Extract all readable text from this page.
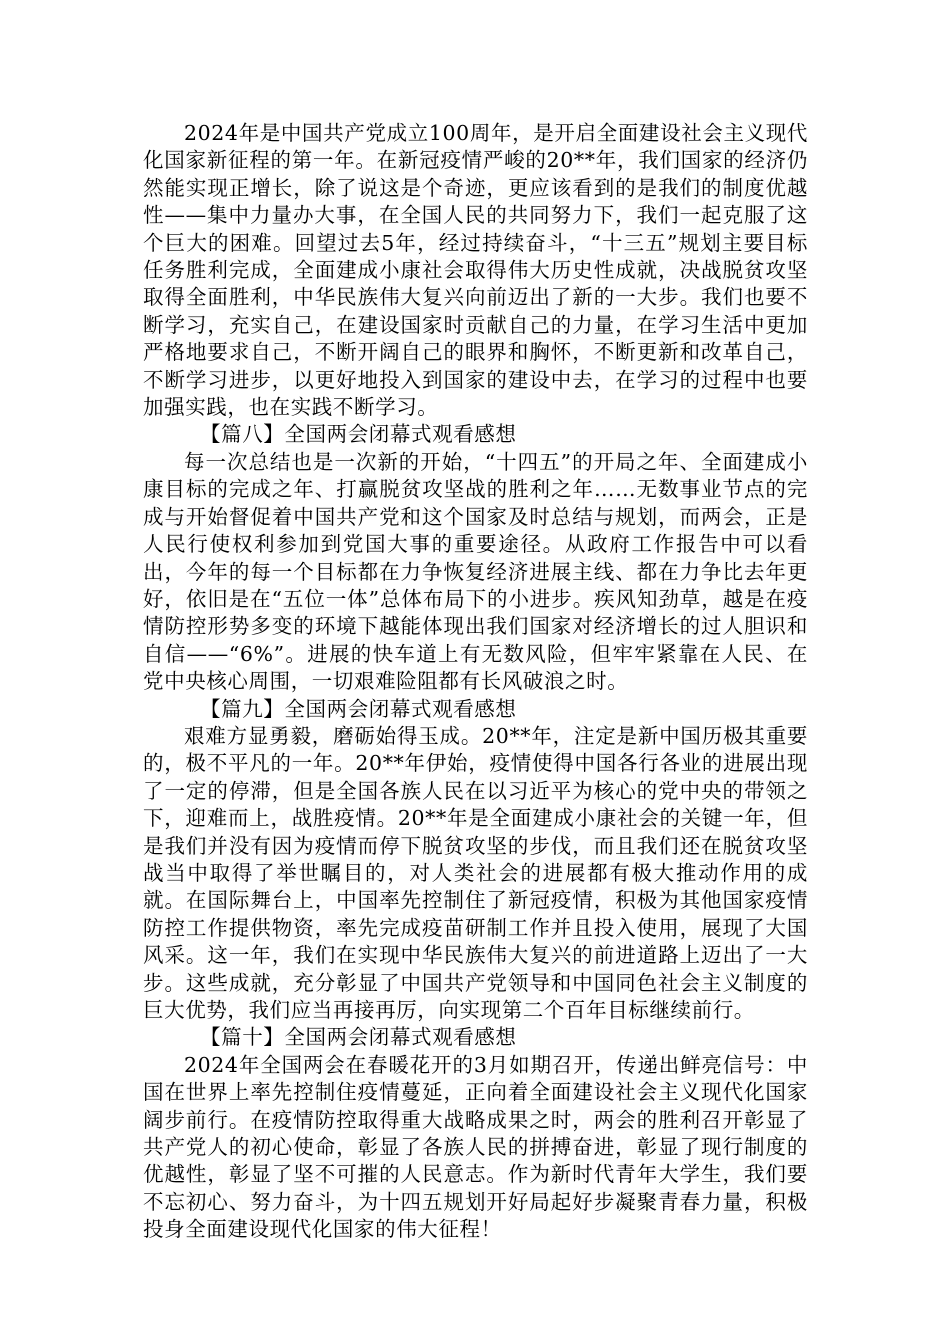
2024年是中国共产党成立100周年，是开启全面建设社会主义现代化国家新征程的第一年。在新冠疫情严峻的20**年，我们国家的经济仍然能实现正增长，除了说这是个奇迹，更应该看到的是我们的制度优越性——集中力量办大事，在全国人民的共同努力下，我们一起克服了这个巨大的困难。回望过去5年，经过持续奋斗，“十三五”规划主要目标任务胜利完成，全面建成小康社会取得伟大历史性成就，决战脱贫攻坚取得全面胜利，中华民族伟大复兴向前迈出了新的一大步。我们也要不断学习，充实自己，在建设国家时贡献自己的力量，在学习生活中更加严格地要求自己，不断开阔自己的眼界和胸怀，不断更新和改革自己，不断学习进步，以更好地投入到国家的建设中去，在学习的过程中也要加强实践，也在实践不断学习。

【篇八】全国两会闭幕式观看感想

每一次总结也是一次新的开始，“十四五”的开局之年、全面建成小康目标的完成之年、打赢脱贫攻坚战的胜利之年……无数事业节点的完成与开始督促着中国共产党和这个国家及时总结与规划，而两会，正是人民行使权利参加到党国大事的重要途径。从政府工作报告中可以看出，今年的每一个目标都在力争恢复经济进展主线、都在力争比去年更好，依旧是在“五位一体”总体布局下的小进步。疾风知劲草，越是在疫情防控形势多变的环境下越能体现出我们国家对经济增长的过人胆识和自信——“6%”。进展的快车道上有无数风险，但牢牢紧靠在人民、在党中央核心周围，一切艰难险阻都有长风破浪之时。

【篇九】全国两会闭幕式观看感想

艰难方显勇毅，磨砺始得玉成。20**年，注定是新中国历极其重要的，极不平凡的一年。20**年伊始，疫情使得中国各行各业的进展出现了一定的停滞，但是全国各族人民在以习近平为核心的党中央的带领之下，迎难而上，战胜疫情。20**年是全面建成小康社会的关键一年，但是我们并没有因为疫情而停下脱贫攻坚的步伐，而且我们还在脱贫攻坚战当中取得了举世瞩目的，对人类社会的进展都有极大推动作用的成就。在国际舞台上，中国率先控制住了新冠疫情，积极为其他国家疫情防控工作提供物资，率先完成疫苗研制工作并且投入使用，展现了大国风采。这一年，我们在实现中华民族伟大复兴的前进道路上迈出了一大步。这些成就，充分彰显了中国共产党领导和中国同色社会主义制度的巨大优势，我们应当再接再厉，向实现第二个百年目标继续前行。

【篇十】全国两会闭幕式观看感想

2024年全国两会在春暖花开的3月如期召开，传递出鲜亮信号：中国在世界上率先控制住疫情蔓延，正向着全面建设社会主义现代化国家阔步前行。在疫情防控取得重大战略成果之时，两会的胜利召开彰显了共产党人的初心使命，彰显了各族人民的拼搏奋进，彰显了现行制度的优越性，彰显了坚不可摧的人民意志。作为新时代青年大学生，我们要不忘初心、努力奋斗，为十四五规划开好局起好步凝聚青春力量，积极投身全面建设现代化国家的伟大征程！
